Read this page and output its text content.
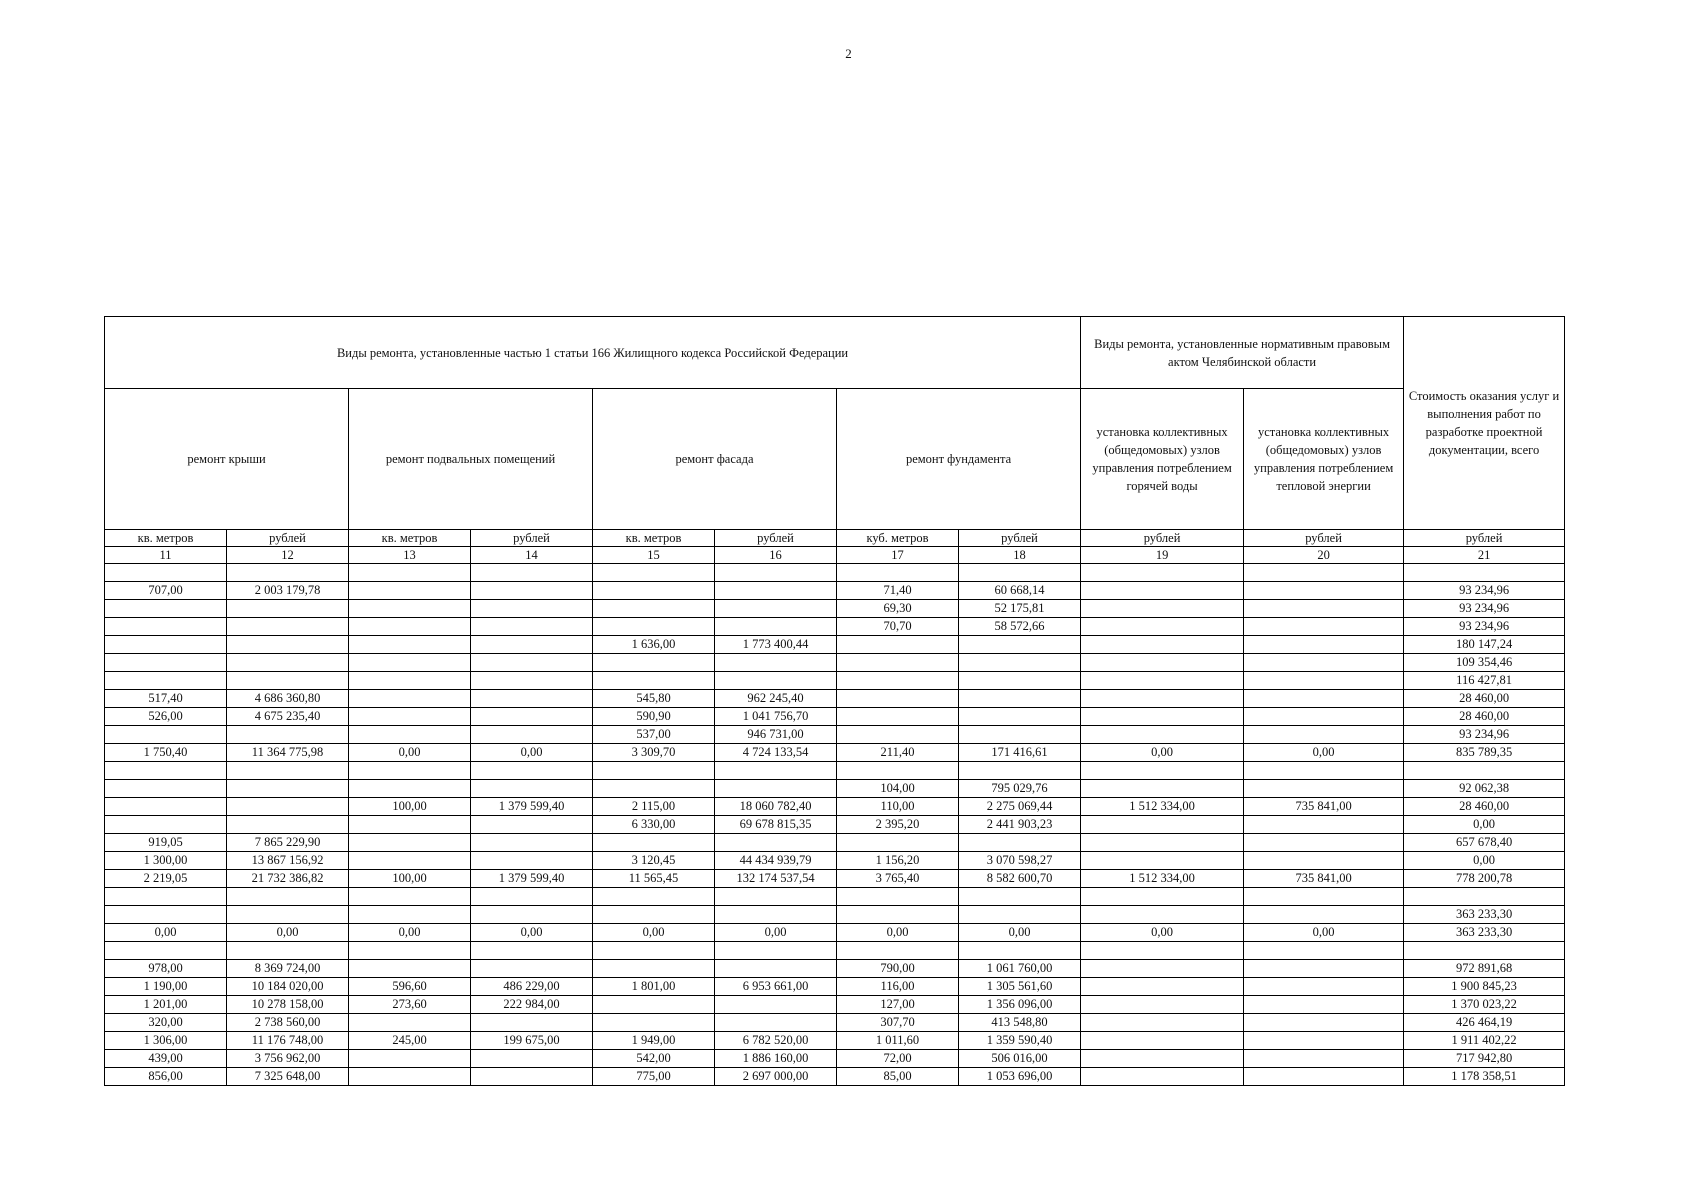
2
Виды ремонта, установленные частью 1 статьи 166 Жилищного кодекса Российской Федерации								Виды ремонта, установленные нормативным правовым актом Челябинской области		Стоимость оказания услуг и выполнения работ по разработке проектной документации, всего
ремонт крыши		ремонт подвальных помещений		ремонт фасада		ремонт фундамента		установка коллективных (общедомовых) узлов управления потреблением горячей воды	установка коллективных (общедомовых) узлов управления потреблением тепловой энергии	
кв. метров	рублей	кв. метров	рублей	кв. метров	рублей	куб. метров	рублей	рублей	рублей	рублей
11	12	13	14	15	16	17	18	19	20	21

707,00	2 003 179,78					71,40	60 668,14			93 234,96
						69,30	52 175,81			93 234,96
						70,70	58 572,66			93 234,96
				1 636,00	1 773 400,44					180 147,24
										109 354,46
										116 427,81
517,40	4 686 360,80			545,80	962 245,40					28 460,00
526,00	4 675 235,40			590,90	1 041 756,70					28 460,00
				537,00	946 731,00					93 234,96
1 750,40	11 364 775,98	0,00	0,00	3 309,70	4 724 133,54	211,40	171 416,61	0,00	0,00	835 789,35

						104,00	795 029,76			92 062,38
		100,00	1 379 599,40	2 115,00	18 060 782,40	110,00	2 275 069,44	1 512 334,00	735 841,00	28 460,00
				6 330,00	69 678 815,35	2 395,20	2 441 903,23			0,00
919,05	7 865 229,90									657 678,40
1 300,00	13 867 156,92			3 120,45	44 434 939,79	1 156,20	3 070 598,27			0,00
2 219,05	21 732 386,82	100,00	1 379 599,40	11 565,45	132 174 537,54	3 765,40	8 582 600,70	1 512 334,00	735 841,00	778 200,78

										363 233,30
0,00	0,00	0,00	0,00	0,00	0,00	0,00	0,00	0,00	0,00	363 233,30

978,00	8 369 724,00					790,00	1 061 760,00			972 891,68
1 190,00	10 184 020,00	596,60	486 229,00	1 801,00	6 953 661,00	116,00	1 305 561,60			1 900 845,23
1 201,00	10 278 158,00	273,60	222 984,00			127,00	1 356 096,00			1 370 023,22
320,00	2 738 560,00					307,70	413 548,80			426 464,19
1 306,00	11 176 748,00	245,00	199 675,00	1 949,00	6 782 520,00	1 011,60	1 359 590,40			1 911 402,22
439,00	3 756 962,00			542,00	1 886 160,00	72,00	506 016,00			717 942,80
856,00	7 325 648,00			775,00	2 697 000,00	85,00	1 053 696,00			1 178 358,51
